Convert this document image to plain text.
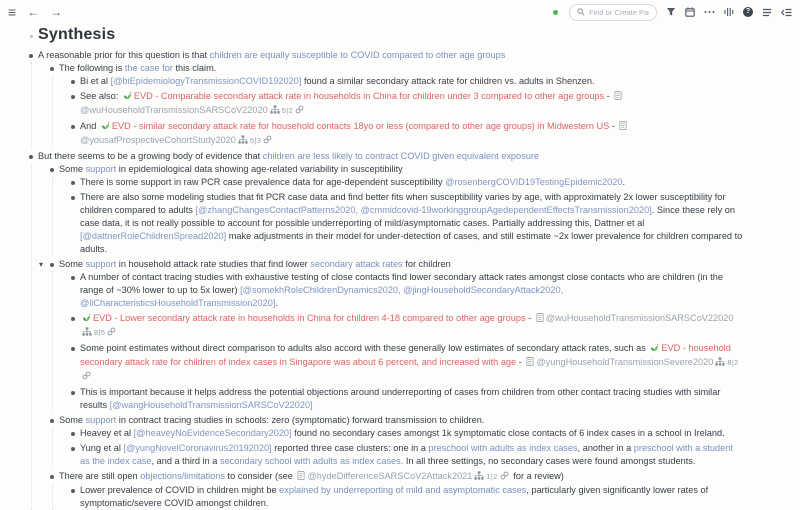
≡ ← →
Find or Create Page	?
Synthesis
A reasonable prior for this question is that children are equally susceptible to COVID compared to other age groups
The following is the case for this claim.
Bi et al [@biEpidemiologyTransmissionCOVID192020] found a similar secondary attack rate for children vs. adults in Shenzen.
See also: EVD - Comparable secondary attack rate in households in China for children under 3 compared to other age groups - @wuHouseholdTransmissionSARSCoV22020 5|2
And EVD - similar secondary attack rate for household contacts 18yo or less (compared to other age groups) in Midwestern US - @yousafProspectiveCohortStudy2020 5|3
But there seems to be a growing body of evidence that children are less likely to contract COVID given equivalent exposure
Some support in epidemiological data showing age-related variability in susceptibility
There is some support in raw PCR case prevalence data for age-dependent susceptibility @rosenbergCOVID19TestingEpidemic2020.
There are also some modeling studies that fit PCR case data and find better fits when susceptibility varies by age, with approximately 2x lower susceptibility for children compared to adults [@zhangChangesContactPatterns2020, @cmmidcovid-19workinggroupAgedependentEffectsTransmission2020]. Since these rely on case data, it is not really possible to account for possible underreporting of mild/asymptomatic cases. Partially addressing this, Dattner et al [@dattnerRoleChildrenSpread2020] make adjustments in their model for under-detection of cases, and still estimate ~2x lower prevalence for children compared to adults.
▾ Some support in household attack rate studies that find lower secondary attack rates for children
A number of contact tracing studies with exhaustive testing of close contacts find lower secondary attack rates amongst close contacts who are children (in the range of ~30% lower to up to 5x lower) [@somekhRoleChildrenDynamics2020, @jingHouseholdSecondaryAttack2020, @liCharacteristicsHouseholdTransmission2020].
EVD - Lower secondary attack rate in households in China for children 4-18 compared to other age groups - @wuHouseholdTransmissionSARSCoV220208|5
Some point estimates without direct comparison to adults also accord with these generally low estimates of secondary attack rates, such as EVD - household secondary attack rate for children of index cases in Singapore was about 6 percent, and increased with age - @yungHouseholdTransmissionSevere2020 8|2
This is important because it helps address the potential objections around underreporting of cases from children from other contact tracing studies with similar results [@wangHouseholdTransmissionSARSCoV22020]
Some support in contract tracing studies in schools: zero (symptomatic) forward transmission to children.
Heavey et al [@heaveyNoEvidenceSecondary2020] found no secondary cases amongst 1k symptomatic close contacts of 6 index cases in a school in Ireland.
Yung et al [@yungNovelCoronavirus20192020] reported three case clusters: one in a preschool with adults as index cases, another in a preschool with a student as the index case, and a third in a secondary school with adults as index cases. In all three settings, no secondary cases were found amongst students.
There are still open objections/limitations to consider (see @hydeDifferenceSARSCoV2Attack2021 1|2 for a review)
Lower prevalence of COVID in children might be explained by underreporting of mild and asymptomatic cases, particularly given significantly lower rates of symptomatic/severe COVID amongst children.
